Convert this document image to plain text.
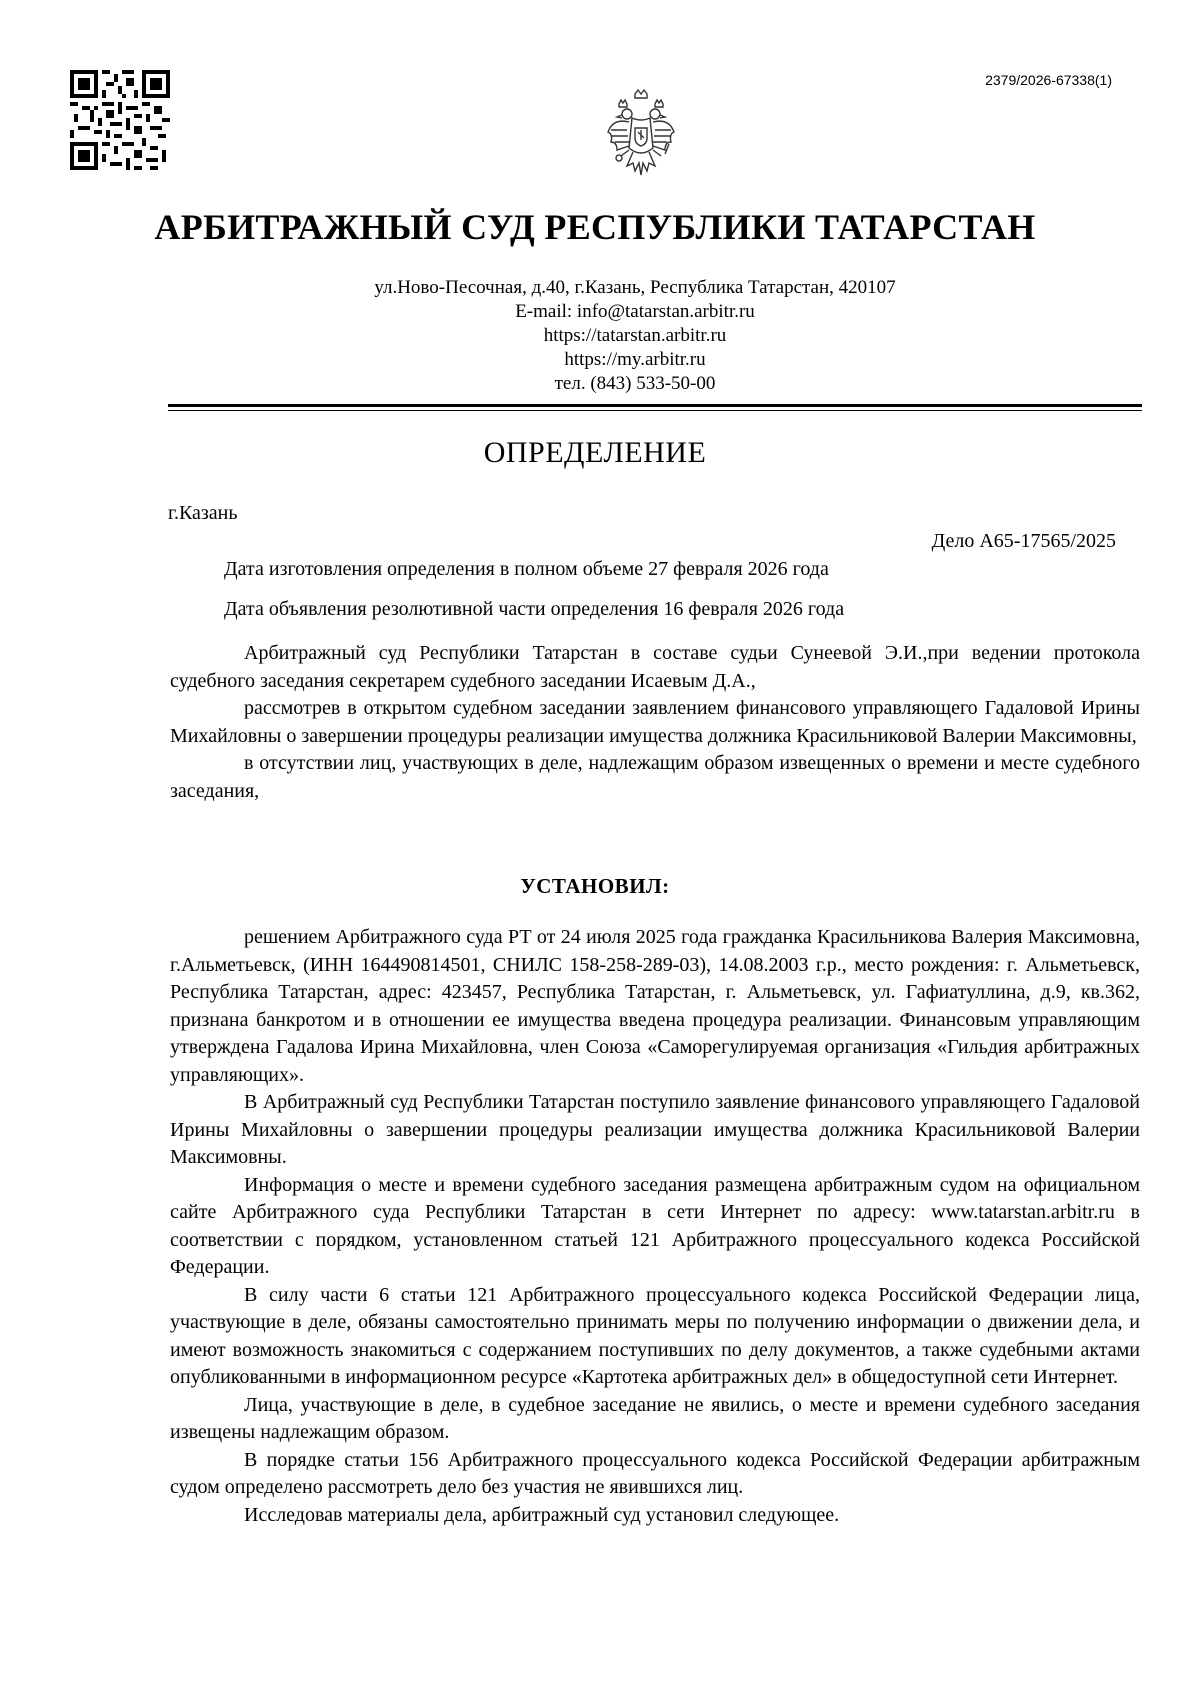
2379/2026-67338(1)
АРБИТРАЖНЫЙ СУД РЕСПУБЛИКИ ТАТАРСТАН
ул.Ново-Песочная, д.40, г.Казань, Республика Татарстан, 420107
E-mail: info@tatarstan.arbitr.ru
https://tatarstan.arbitr.ru
https://my.arbitr.ru
тел. (843) 533-50-00
ОПРЕДЕЛЕНИЕ
г.Казань
Дело А65-17565/2025
Дата изготовления определения в полном объеме 27 февраля 2026 года
Дата объявления резолютивной части определения 16 февраля 2026 года

Арбитражный суд Республики Татарстан в составе судьи Сунеевой Э.И.,при ведении протокола судебного заседания секретарем судебного заседании Исаевым Д.А.,

рассмотрев в открытом судебном заседании заявлением финансового управляющего Гадаловой Ирины Михайловны о завершении процедуры реализации имущества должника Красильниковой Валерии Максимовны,

в отсутствии лиц, участвующих в деле, надлежащим образом извещенных о времени и месте судебного заседания,

УСТАНОВИЛ:

решением Арбитражного суда РТ от 24 июля 2025 года гражданка Красильникова Валерия Максимовна, г.Альметьевск, (ИНН 164490814501, СНИЛС 158-258-289-03), 14.08.2003 г.р., место рождения: г. Альметьевск, Республика Татарстан, адрес: 423457, Республика Татарстан, г. Альметьевск, ул. Гафиатуллина, д.9, кв.362, признана банкротом и в отношении ее имущества введена процедура реализации. Финансовым управляющим утверждена Гадалова Ирина Михайловна, член Союза «Саморегулируемая организация «Гильдия арбитражных управляющих».

В Арбитражный суд Республики Татарстан поступило заявление финансового управляющего Гадаловой Ирины Михайловны о завершении процедуры реализации имущества должника Красильниковой Валерии Максимовны.

Информация о месте и времени судебного заседания размещена арбитражным судом на официальном сайте Арбитражного суда Республики Татарстан в сети Интернет по адресу: www.tatarstan.arbitr.ru в соответствии с порядком, установленном статьей 121 Арбитражного процессуального кодекса Российской Федерации.

В силу части 6 статьи 121 Арбитражного процессуального кодекса Российской Федерации лица, участвующие в деле, обязаны самостоятельно принимать меры по получению информации о движении дела, и имеют возможность знакомиться с содержанием поступивших по делу документов, а также судебными актами опубликованными в информационном ресурсе «Картотека арбитражных дел» в общедоступной сети Интернет.

Лица, участвующие в деле, в судебное заседание не явились, о месте и времени судебного заседания извещены надлежащим образом.

В порядке статьи 156 Арбитражного процессуального кодекса Российской Федерации арбитражным судом определено рассмотреть дело без участия не явившихся лиц.

Исследовав материалы дела, арбитражный суд установил следующее.
